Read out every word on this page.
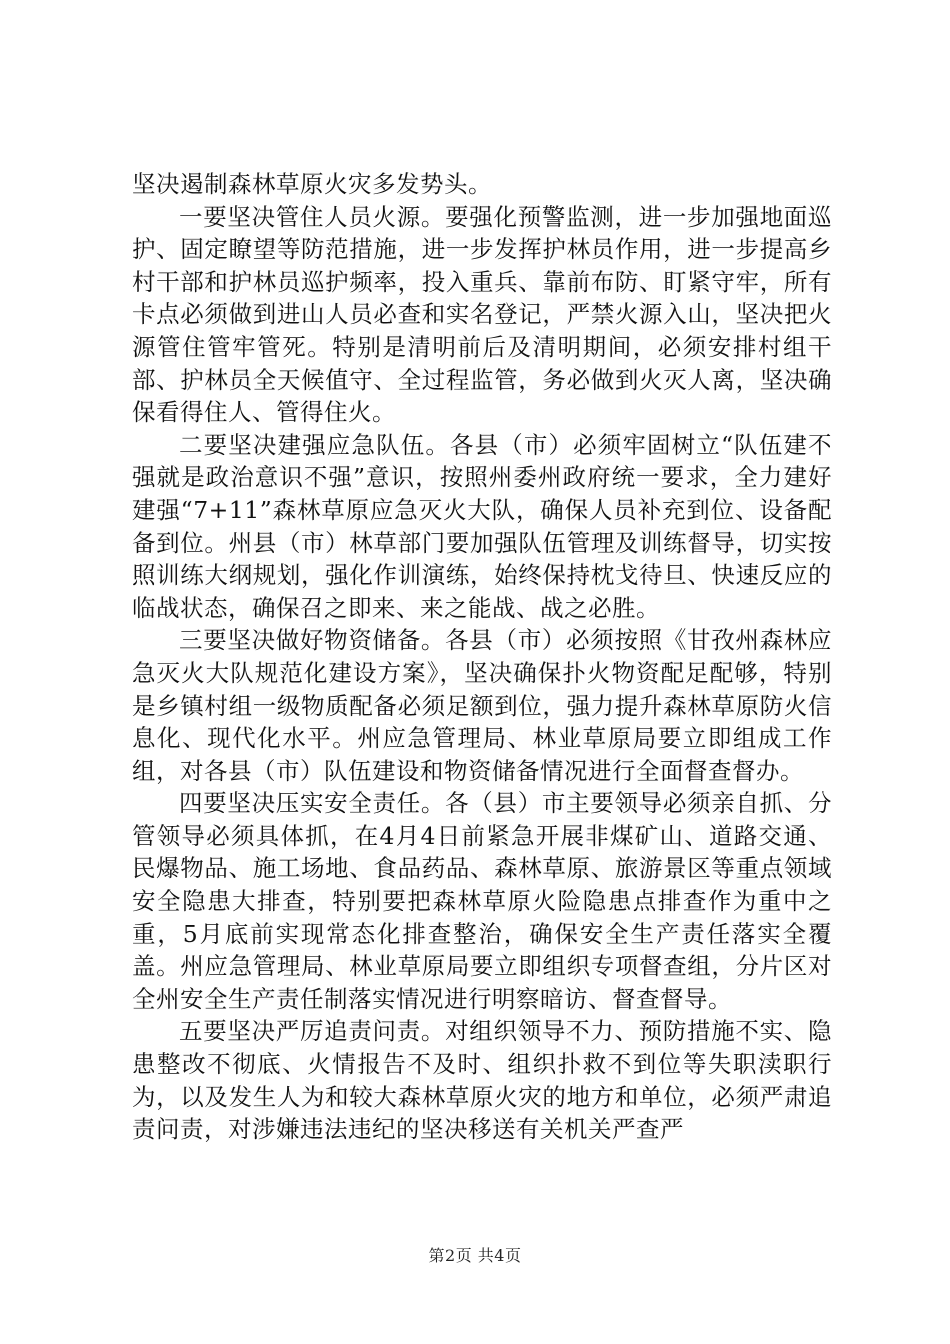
坚决遏制森林草原火灾多发势头。

一要坚决管住人员火源。要强化预警监测，进一步加强地面巡护、固定瞭望等防范措施，进一步发挥护林员作用，进一步提高乡村干部和护林员巡护频率，投入重兵、靠前布防、盯紧守牢，所有卡点必须做到进山人员必查和实名登记，严禁火源入山，坚决把火源管住管牢管死。特别是清明前后及清明期间，必须安排村组干部、护林员全天候值守、全过程监管，务必做到火灭人离，坚决确保看得住人、管得住火。

二要坚决建强应急队伍。各县（市）必须牢固树立“队伍建不强就是政治意识不强”意识，按照州委州政府统一要求，全力建好建强“7+11”森林草原应急灭火大队，确保人员补充到位、设备配备到位。州县（市）林草部门要加强队伍管理及训练督导，切实按照训练大纲规划，强化作训演练，始终保持枕戈待旦、快速反应的临战状态，确保召之即来、来之能战、战之必胜。

三要坚决做好物资储备。各县（市）必须按照《甘孜州森林应急灭火大队规范化建设方案》，坚决确保扑火物资配足配够，特别是乡镇村组一级物质配备必须足额到位，强力提升森林草原防火信息化、现代化水平。州应急管理局、林业草原局要立即组成工作组，对各县（市）队伍建设和物资储备情况进行全面督查督办。

四要坚决压实安全责任。各（县）市主要领导必须亲自抓、分管领导必须具体抓，在4月4日前紧急开展非煤矿山、道路交通、民爆物品、施工场地、食品药品、森林草原、旅游景区等重点领域安全隐患大排查，特别要把森林草原火险隐患点排查作为重中之重，5月底前实现常态化排查整治，确保安全生产责任落实全覆盖。州应急管理局、林业草原局要立即组织专项督查组，分片区对全州安全生产责任制落实情况进行明察暗访、督查督导。

五要坚决严厉追责问责。对组织领导不力、预防措施不实、隐患整改不彻底、火情报告不及时、组织扑救不到位等失职渎职行为，以及发生人为和较大森林草原火灾的地方和单位，必须严肃追责问责，对涉嫌违法违纪的坚决移送有关机关严查严

第2页 共4页
